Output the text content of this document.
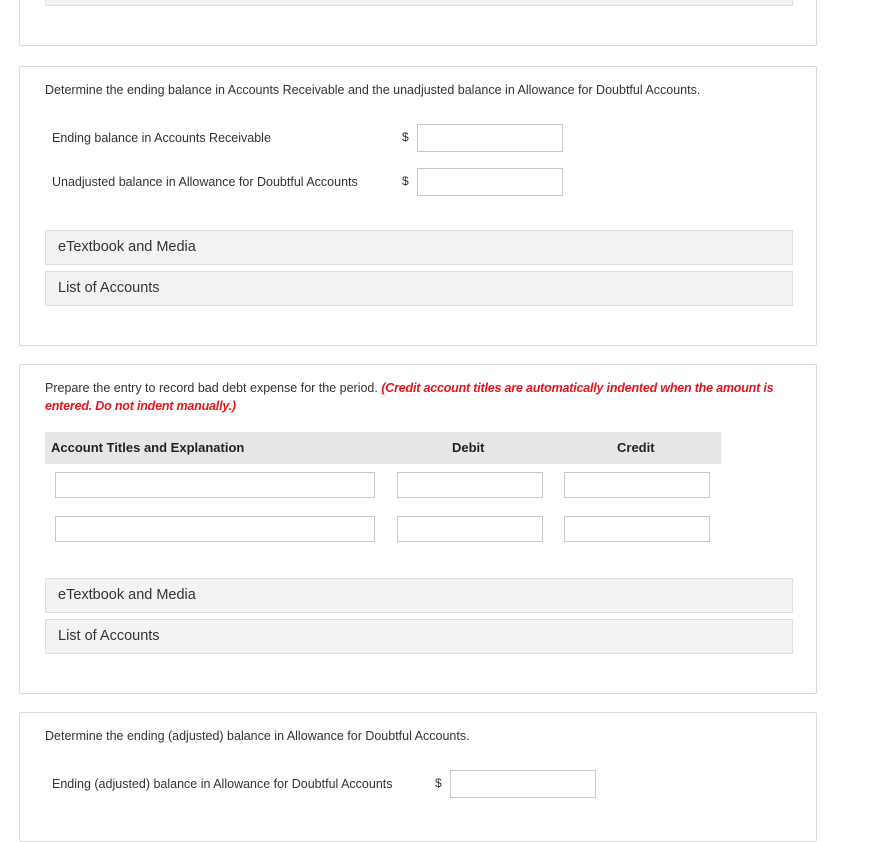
Determine the ending balance in Accounts Receivable and the unadjusted balance in Allowance for Doubtful Accounts.
Ending balance in Accounts Receivable	$
Unadjusted balance in Allowance for Doubtful Accounts	$
eTextbook and Media
List of Accounts
Prepare the entry to record bad debt expense for the period. (Credit account titles are automatically indented when the amount is entered. Do not indent manually.)
Account Titles and Explanation	Debit	Credit
eTextbook and Media
List of Accounts
Determine the ending (adjusted) balance in Allowance for Doubtful Accounts.
Ending (adjusted) balance in Allowance for Doubtful Accounts	$
